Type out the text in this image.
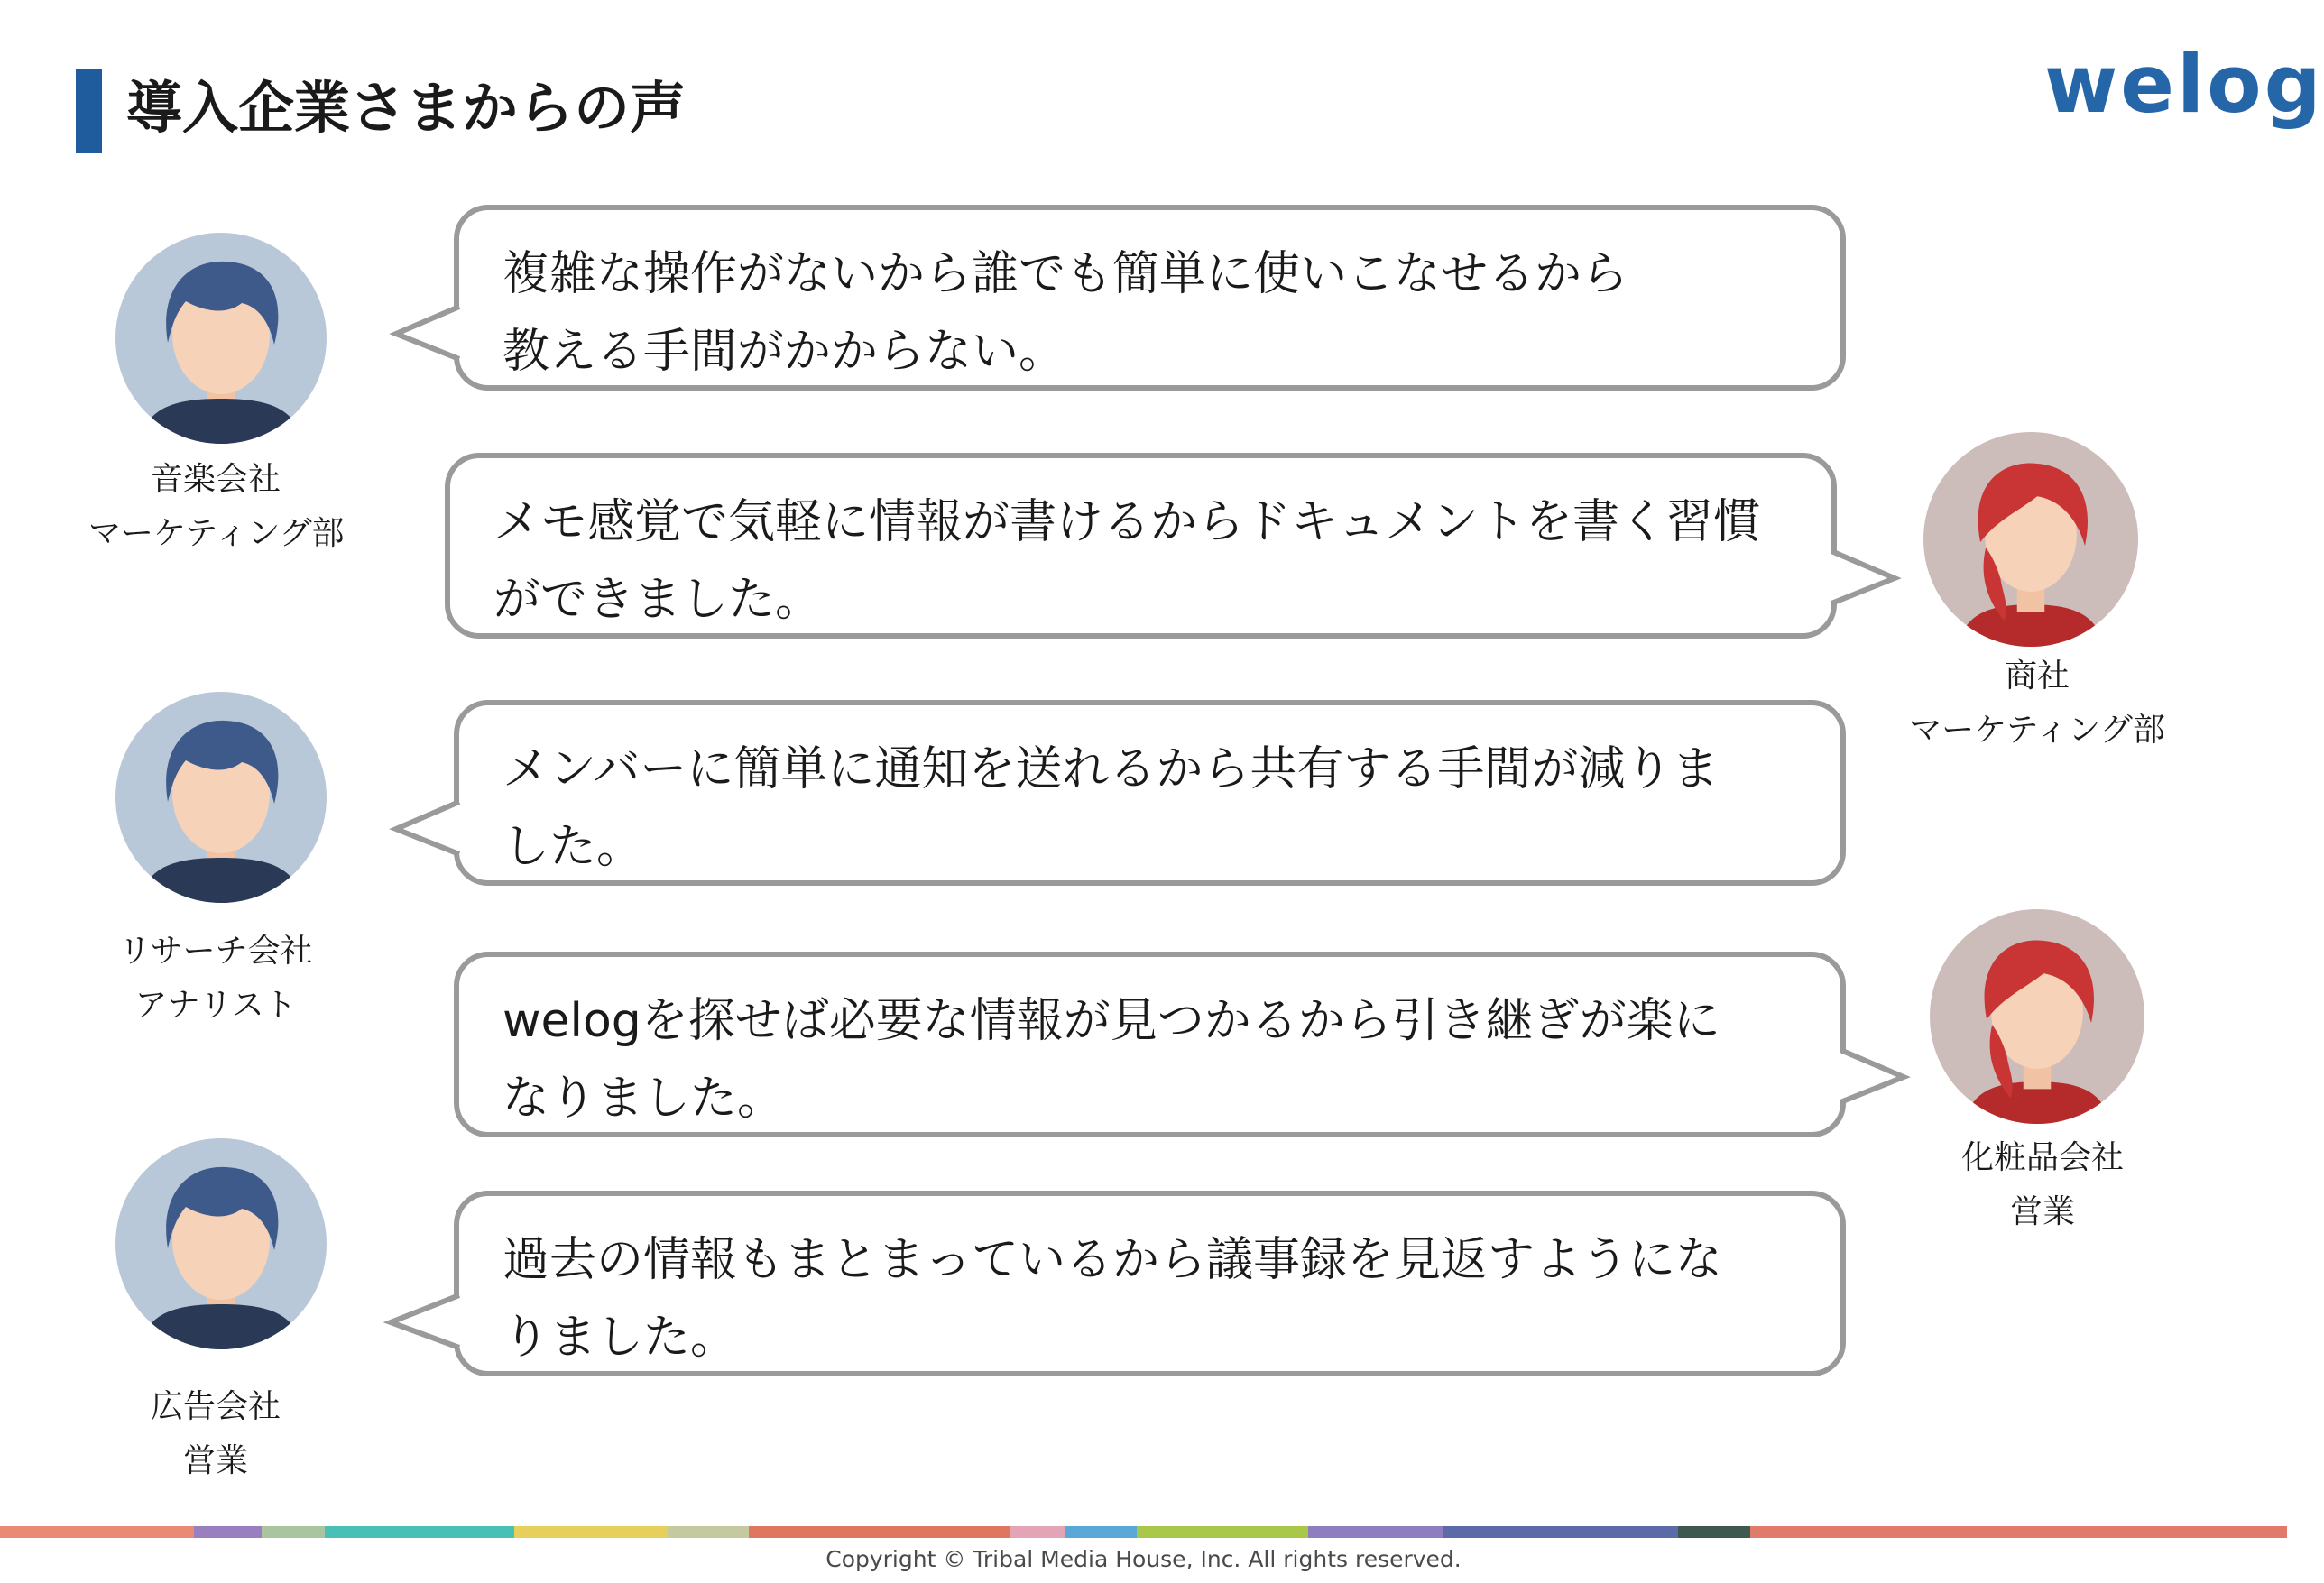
導入企業さまからの声	welog
複雑な操作がないから誰でも簡単に使いこなせるから
教える手間がかからない。
音楽会社
マーケティング部	メモ感覚で気軽に情報が書けるからドキュメントを書く習慣
ができました。
商社
マーケティング部
メンバーに簡単に通知を送れるから共有する手間が減りま
した。
リサーチ会社
アナリスト	welogを探せば必要な情報が見つかるから引き継ぎが楽に
なりました。
化粧品会社
営業
過去の情報もまとまっているから議事録を見返すようにな
りました。
広告会社
営業
Copyright © Tribal Media House, Inc. All rights reserved.
